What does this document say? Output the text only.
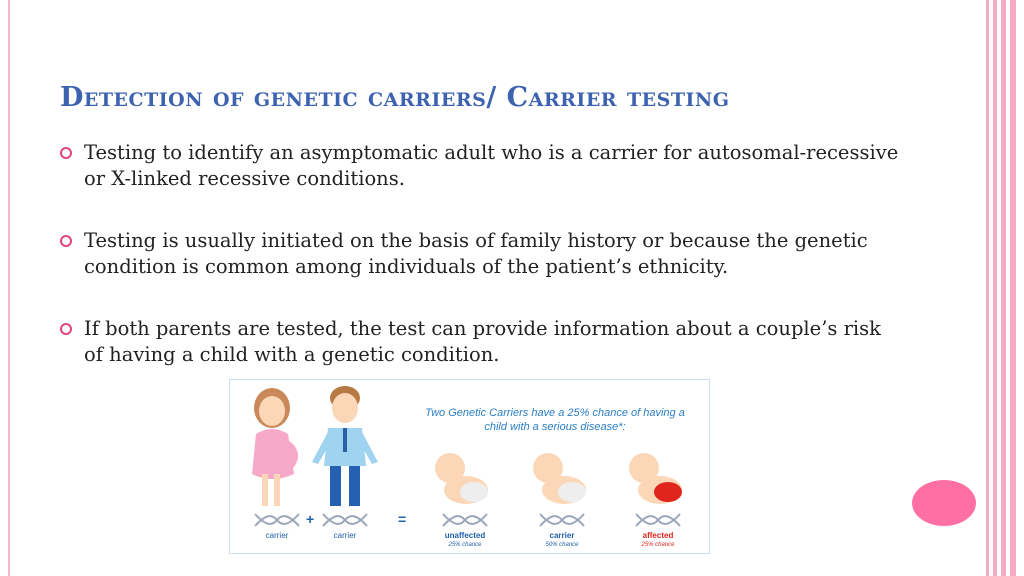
Detection of genetic carriers/ Carrier testing
Testing to identify an asymptomatic adult who is a carrier for autosomal-recessive or X-linked recessive conditions.
Testing is usually initiated on the basis of family history or because the genetic condition is common among individuals of the patient’s ethnicity.
If both parents are tested, the test can provide information about a couple’s risk of having a child with a genetic condition.
Two Genetic Carriers have a 25% chance of having a child with a serious disease*:
+	=
carrier	carrier	unaffected
25% chance
carrier
50% chance
affected
25% chance
